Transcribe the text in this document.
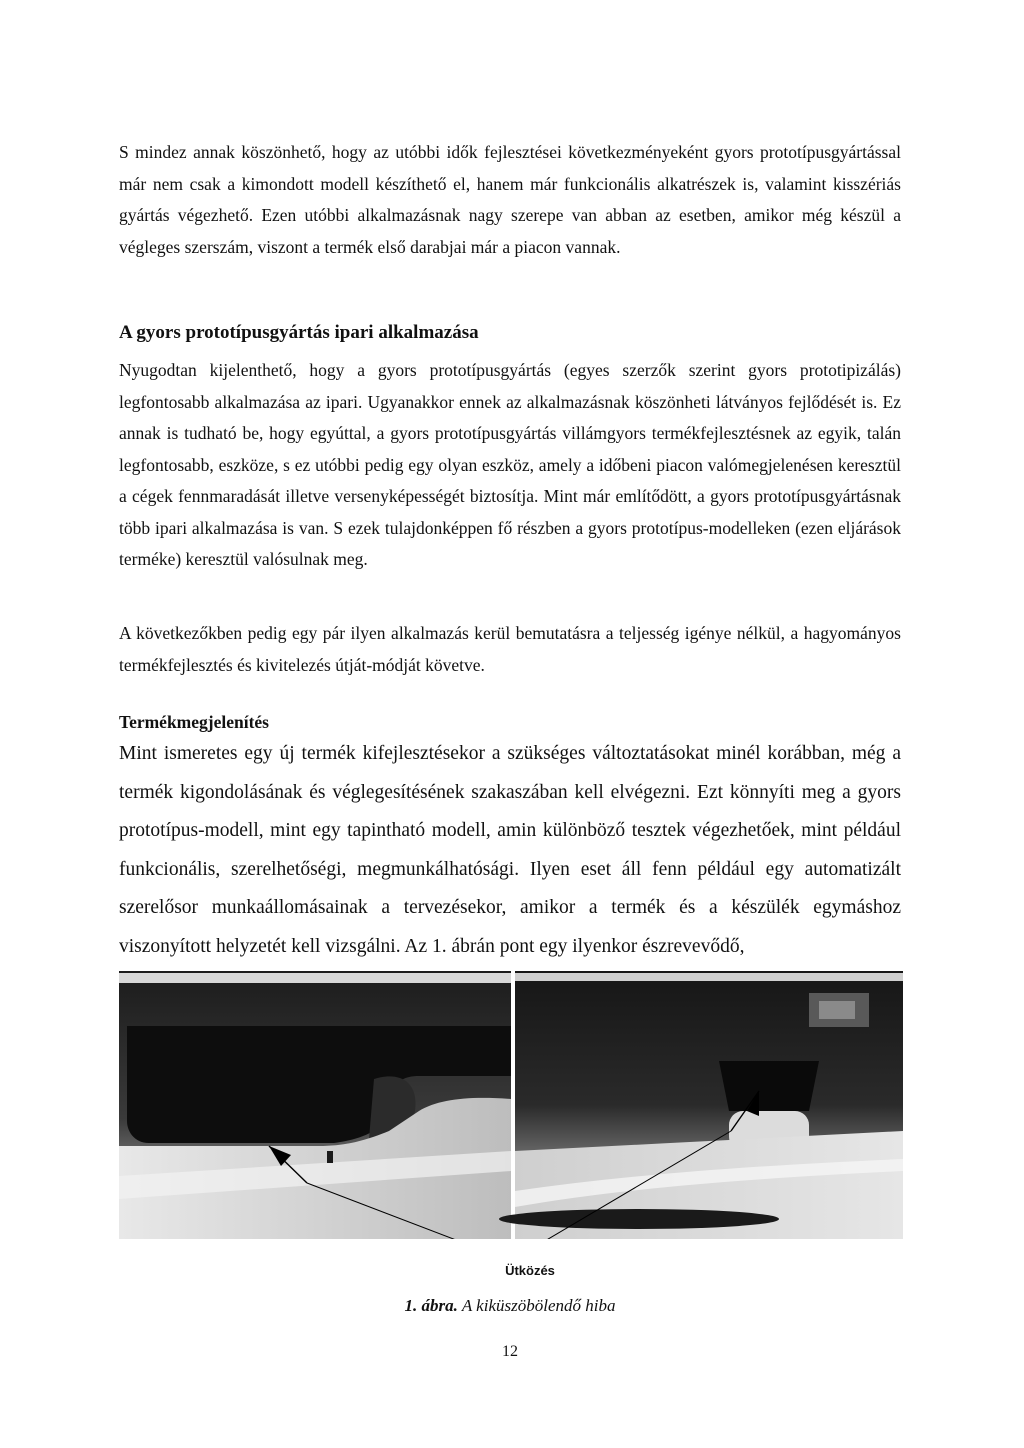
S mindez annak köszönhető, hogy az utóbbi idők fejlesztései következményeként gyors prototípusgyártással már nem csak a kimondott modell készíthető el, hanem már funkcionális alkatrészek is, valamint kisszériás gyártás végezhető. Ezen utóbbi alkalmazásnak nagy szerepe van abban az esetben, amikor még készül a végleges szerszám, viszont a termék első darabjai már a piacon vannak.

A gyors prototípusgyártás ipari alkalmazása

Nyugodtan kijelenthető, hogy a gyors prototípusgyártás (egyes szerzők szerint gyors prototipizálás) legfontosabb alkalmazása az ipari. Ugyanakkor ennek az alkalmazásnak köszönheti látványos fejlődését is. Ez annak is tudható be, hogy egyúttal, a gyors prototípusgyártás villámgyors termékfejlesztésnek az egyik, talán legfontosabb, eszköze, s ez utóbbi pedig egy olyan eszköz, amely a időbeni piacon valómegjelenésen keresztül a cégek fennmaradását illetve versenyképességét biztosítja. Mint már említődött, a gyors prototípusgyártásnak több ipari alkalmazása is van. S ezek tulajdonképpen fő részben a gyors prototípus-modelleken (ezen eljárások terméke) keresztül valósulnak meg.

A következőkben pedig egy pár ilyen alkalmazás kerül bemutatásra a teljesség igénye nélkül, a hagyományos termékfejlesztés és kivitelezés útját-módját követve.

Termékmegjelenítés

Mint ismeretes egy új termék kifejlesztésekor a szükséges változtatásokat minél korábban, még a termék kigondolásának és véglegesítésének szakaszában kell elvégezni. Ezt könnyíti meg a gyors prototípus-modell, mint egy tapintható modell, amin különböző tesztek végezhetőek, mint például funkcionális, szerelhetőségi, megmunkálhatósági. Ilyen eset áll fenn például egy automatizált szerelősor munkaállomásainak a tervezésekor, amikor a termék és a készülék egymáshoz viszonyított helyzetét kell vizsgálni. Az 1. ábrán pont egy ilyenkor észrevevődő,

Ütközés
1. ábra. A kiküszöbölendő hiba
12
